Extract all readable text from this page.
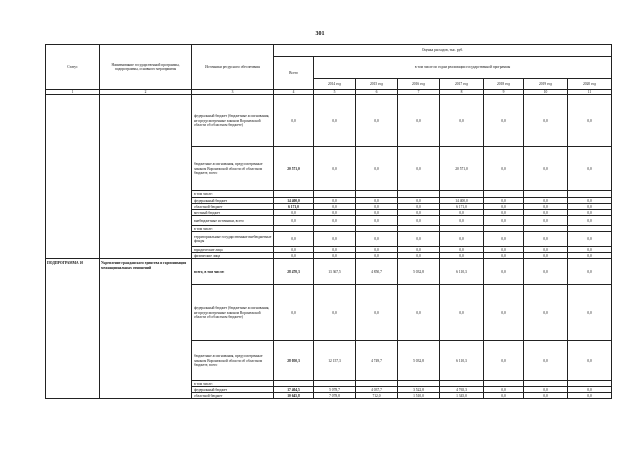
301
Статус	Наименование государственной программы, подпрограммы, основного мероприятия	Источники ресурсного обеспечения	Оценка расходов, тыс. руб.							
			Всего	в том числе по годам реализации государственной программы						
				2014 год	2015 год	2016 год	2017 год	2018 год	2019 год	2020 год
1	2	3	4	5	6	7	8	9	10	11
		федеральный бюджет (бюджетные ассигнования, не предусмотренные законом Воронежской области об областном бюджете)	0,0	0,0	0,0	0,0	0,0	0,0	0,0	0,0
		бюджетные ассигнования, предусмотренные законом Воронежской области об областном бюджете, всего	20 571,0	0,0	0,0	0,0	20 571,0	0,0	0,0	0,0
		в том числе:								
		федеральный бюджет	14 400,0	0,0	0,0	0,0	14 400,0	0,0	0,0	0,0
		областной бюджет	6 171,0	0,0	0,0	0,0	6 171,0	0,0	0,0	0,0
		местный бюджет	0,0	0,0	0,0	0,0	0,0	0,0	0,0	0,0
		внебюджетные источники, всего	0,0	0,0	0,0	0,0	0,0	0,0	0,0	0,0
		в том числе:								
		территориальные государственные внебюджетные фонды	0,0	0,0	0,0	0,0	0,0	0,0	0,0	0,0
		юридические лица	0,0	0,0	0,0	0,0	0,0	0,0	0,0	0,0
		физические лица	0,0	0,0	0,0	0,0	0,0	0,0	0,0	0,0
ПОДПРОГРАММА 10	Укрепление гражданского единства и гармонизация межнациональных отношений	всего, в том числе:	28 470,3	13 367,5	4 850,7	5 032,8	6 110,3	0,0	0,0	0,0
		федеральный бюджет (бюджетные ассигнования, не предусмотренные законом Воронежской области об областном бюджете)	0,0	0,0	0,0	0,0	0,0	0,0	0,0	0,0
		бюджетные ассигнования, предусмотренные законом Воронежской области об областном бюджете, всего	28 050,3	12 157,3	4 749,7	5 032,8	6 110,3	0,0	0,0	0,0
		в том числе:								
		федеральный бюджет	17 404,5	5 078,7	4 037,7	3 522,8	4 765,3	0,0	0,0	0,0
		областной бюджет	10 645,8	7 078,8	712,0	1 510,0	1 345,0	0,0	0,0	0,0
